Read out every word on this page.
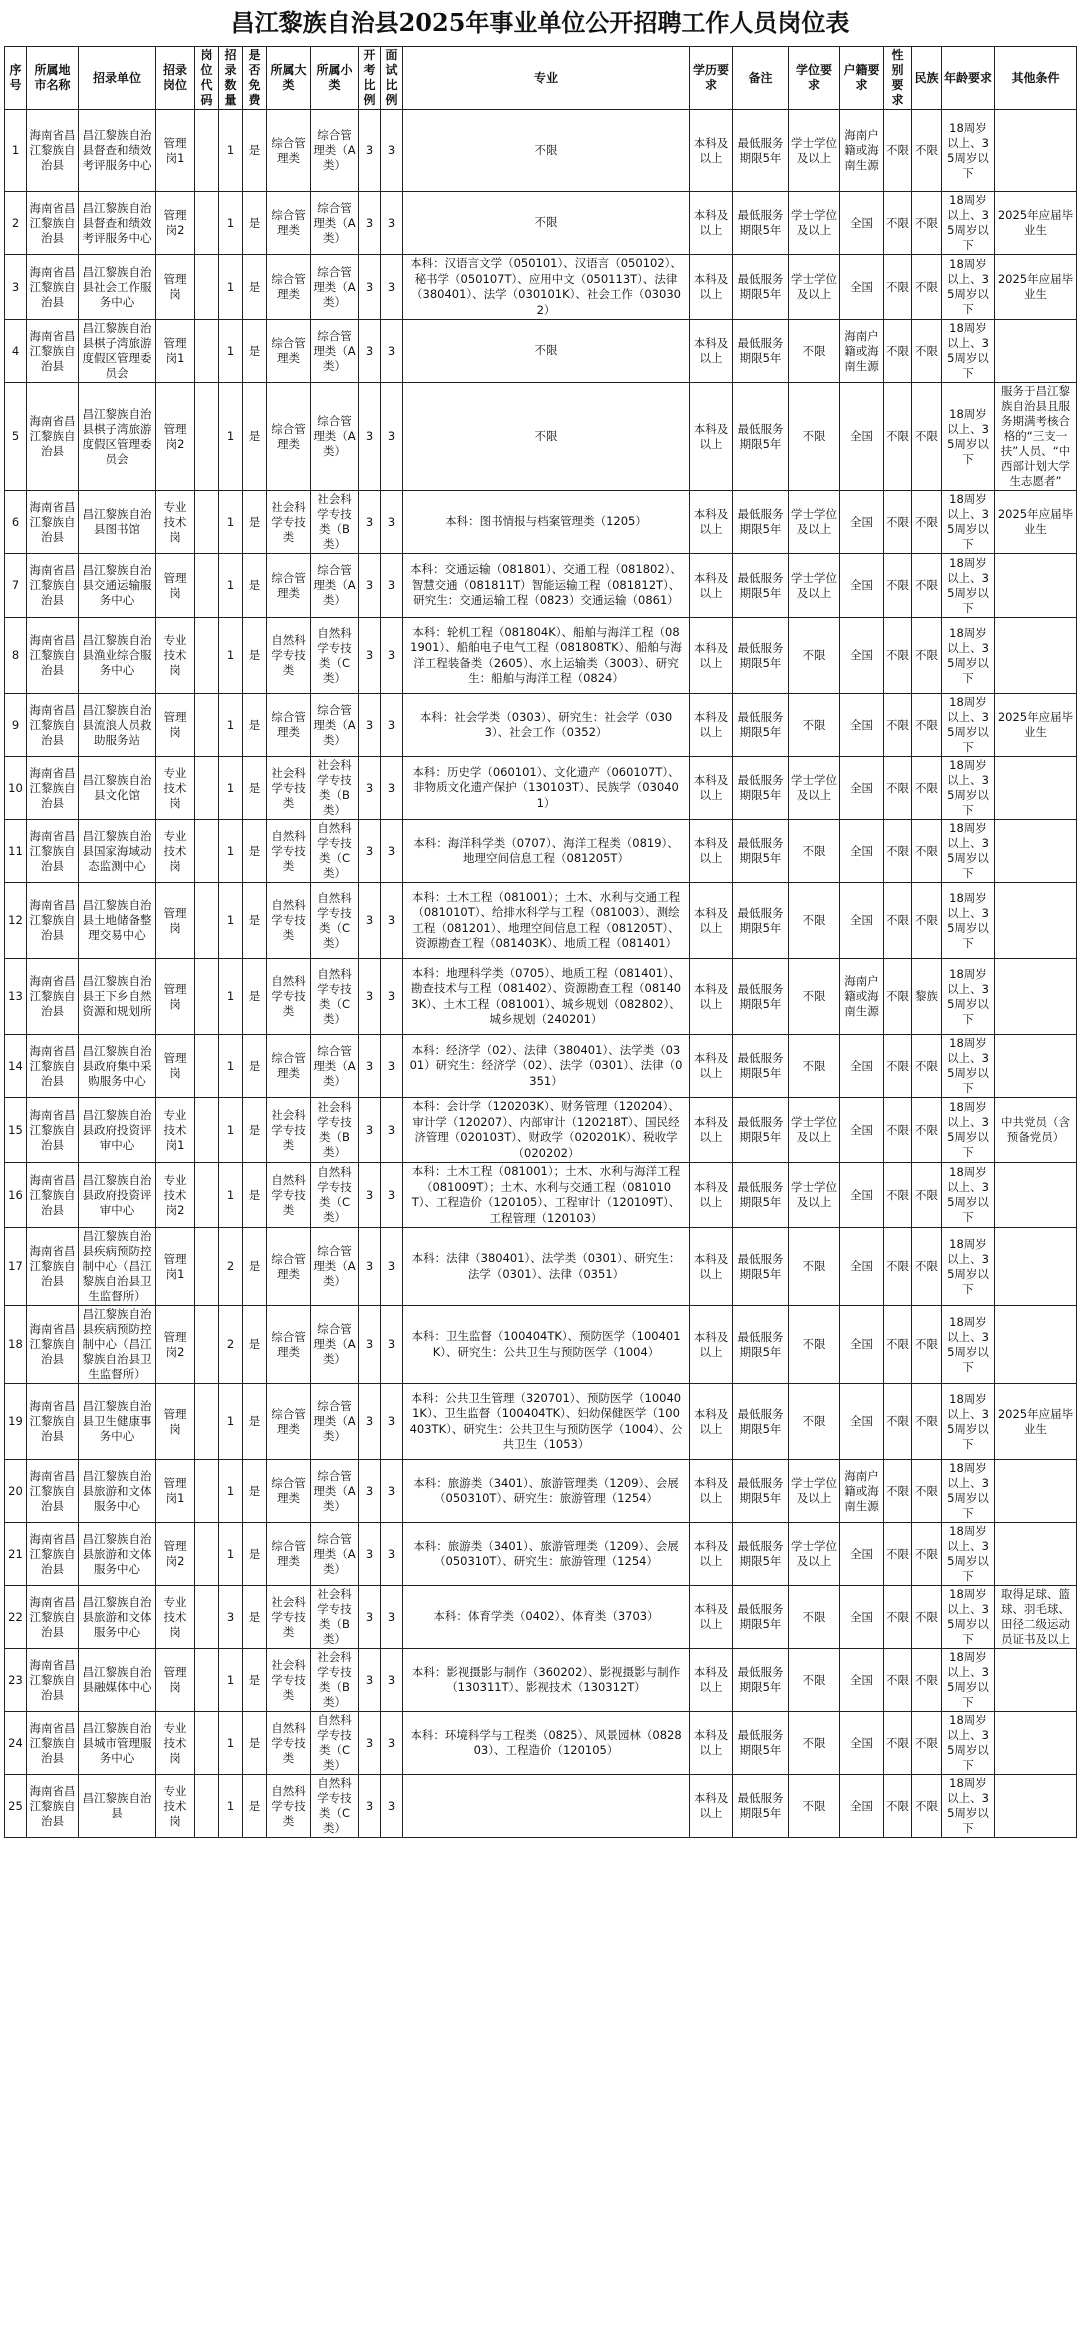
昌江黎族自治县2025年事业单位公开招聘工作人员岗位表
序号	所属地市名称	招录单位	招录岗位	岗位代码	招录数量	是否免费	所属大类	所属小类	开考比例	面试比例	专业	学历要求	备注	学位要求	户籍要求	性别要求	民族	年龄要求	其他条件
1	海南省昌江黎族自治县	昌江黎族自治县督查和绩效考评服务中心	管理岗1		1	是	综合管理类	综合管理类（A类）	3	3	不限	本科及以上	最低服务期限5年	学士学位及以上	海南户籍或海南生源	不限	不限	18周岁以上、35周岁以下	
2	海南省昌江黎族自治县	昌江黎族自治县督查和绩效考评服务中心	管理岗2		1	是	综合管理类	综合管理类（A类）	3	3	不限	本科及以上	最低服务期限5年	学士学位及以上	全国	不限	不限	18周岁以上、35周岁以下	2025年应届毕业生
3	海南省昌江黎族自治县	昌江黎族自治县社会工作服务中心	管理岗		1	是	综合管理类	综合管理类（A类）	3	3	本科：汉语言文学（050101）、汉语言（050102）、秘书学（050107T）、应用中文（050113T）、法律（380401）、法学（030101K）、社会工作（030302）	本科及以上	最低服务期限5年	学士学位及以上	全国	不限	不限	18周岁以上、35周岁以下	2025年应届毕业生
4	海南省昌江黎族自治县	昌江黎族自治县棋子湾旅游度假区管理委员会	管理岗1		1	是	综合管理类	综合管理类（A类）	3	3	不限	本科及以上	最低服务期限5年	不限	海南户籍或海南生源	不限	不限	18周岁以上、35周岁以下	
5	海南省昌江黎族自治县	昌江黎族自治县棋子湾旅游度假区管理委员会	管理岗2		1	是	综合管理类	综合管理类（A类）	3	3	不限	本科及以上	最低服务期限5年	不限	全国	不限	不限	18周岁以上、35周岁以下	服务于昌江黎族自治县且服务期满考核合格的“三支一扶”人员、“中西部计划大学生志愿者”
6	海南省昌江黎族自治县	昌江黎族自治县图书馆	专业技术岗		1	是	社会科学专技类	社会科学专技类（B类）	3	3	本科：图书情报与档案管理类（1205）	本科及以上	最低服务期限5年	学士学位及以上	全国	不限	不限	18周岁以上、35周岁以下	2025年应届毕业生
7	海南省昌江黎族自治县	昌江黎族自治县交通运输服务中心	管理岗		1	是	综合管理类	综合管理类（A类）	3	3	本科：交通运输（081801）、交通工程（081802）、智慧交通（081811T）智能运输工程（081812T）、研究生：交通运输工程（0823）交通运输（0861）	本科及以上	最低服务期限5年	学士学位及以上	全国	不限	不限	18周岁以上、35周岁以下	
8	海南省昌江黎族自治县	昌江黎族自治县渔业综合服务中心	专业技术岗		1	是	自然科学专技类	自然科学专技类（C类）	3	3	本科：轮机工程（081804K）、船舶与海洋工程（081901）、船舶电子电气工程（081808TK）、船舶与海洋工程装备类（2605）、水上运输类（3003）、研究生：船舶与海洋工程（0824）	本科及以上	最低服务期限5年	不限	全国	不限	不限	18周岁以上、35周岁以下	
9	海南省昌江黎族自治县	昌江黎族自治县流浪人员救助服务站	管理岗		1	是	综合管理类	综合管理类（A类）	3	3	本科：社会学类（0303）、研究生：社会学（0303）、社会工作（0352）	本科及以上	最低服务期限5年	不限	全国	不限	不限	18周岁以上、35周岁以下	2025年应届毕业生
10	海南省昌江黎族自治县	昌江黎族自治县文化馆	专业技术岗		1	是	社会科学专技类	社会科学专技类（B类）	3	3	本科：历史学（060101）、文化遗产（060107T）、非物质文化遗产保护（130103T）、民族学（030401）	本科及以上	最低服务期限5年	学士学位及以上	全国	不限	不限	18周岁以上、35周岁以下	
11	海南省昌江黎族自治县	昌江黎族自治县国家海域动态监测中心	专业技术岗		1	是	自然科学专技类	自然科学专技类（C类）	3	3	本科：海洋科学类（0707）、海洋工程类（0819）、地理空间信息工程（081205T）	本科及以上	最低服务期限5年	不限	全国	不限	不限	18周岁以上、35周岁以下	
12	海南省昌江黎族自治县	昌江黎族自治县土地储备整理交易中心	管理岗		1	是	自然科学专技类	自然科学专技类（C类）	3	3	本科：土木工程（081001）；土木、水利与交通工程（081010T）、给排水科学与工程（081003）、测绘工程（081201）、地理空间信息工程（081205T）、资源勘查工程（081403K）、地质工程（081401）	本科及以上	最低服务期限5年	不限	全国	不限	不限	18周岁以上、35周岁以下	
13	海南省昌江黎族自治县	昌江黎族自治县王下乡自然资源和规划所	管理岗		1	是	自然科学专技类	自然科学专技类（C类）	3	3	本科：地理科学类（0705）、地质工程（081401）、勘查技术与工程（081402）、资源勘查工程（081403K）、土木工程（081001）、城乡规划（082802）、城乡规划（240201）	本科及以上	最低服务期限5年	不限	海南户籍或海南生源	不限	黎族	18周岁以上、35周岁以下	
14	海南省昌江黎族自治县	昌江黎族自治县政府集中采购服务中心	管理岗		1	是	综合管理类	综合管理类（A类）	3	3	本科：经济学（02）、法律（380401）、法学类（0301）研究生：经济学（02）、法学（0301）、法律（0351）	本科及以上	最低服务期限5年	不限	全国	不限	不限	18周岁以上、35周岁以下	
15	海南省昌江黎族自治县	昌江黎族自治县政府投资评审中心	专业技术岗1		1	是	社会科学专技类	社会科学专技类（B类）	3	3	本科：会计学（120203K）、财务管理（120204）、审计学（120207）、内部审计（120218T）、国民经济管理（020103T）、财政学（020201K）、税收学（020202）	本科及以上	最低服务期限5年	学士学位及以上	全国	不限	不限	18周岁以上、35周岁以下	中共党员（含预备党员）
16	海南省昌江黎族自治县	昌江黎族自治县政府投资评审中心	专业技术岗2		1	是	自然科学专技类	自然科学专技类（C类）	3	3	本科：土木工程（081001）；土木、水利与海洋工程（081009T）；土木、水利与交通工程（081010T）、工程造价（120105）、工程审计（120109T）、工程管理（120103）	本科及以上	最低服务期限5年	学士学位及以上	全国	不限	不限	18周岁以上、35周岁以下	
17	海南省昌江黎族自治县	昌江黎族自治县疾病预防控制中心（昌江黎族自治县卫生监督所）	管理岗1		2	是	综合管理类	综合管理类（A类）	3	3	本科：法律（380401）、法学类（0301）、研究生：法学（0301）、法律（0351）	本科及以上	最低服务期限5年	不限	全国	不限	不限	18周岁以上、35周岁以下	
18	海南省昌江黎族自治县	昌江黎族自治县疾病预防控制中心（昌江黎族自治县卫生监督所）	管理岗2		2	是	综合管理类	综合管理类（A类）	3	3	本科：卫生监督（100404TK）、预防医学（100401K）、研究生：公共卫生与预防医学（1004）	本科及以上	最低服务期限5年	不限	全国	不限	不限	18周岁以上、35周岁以下	
19	海南省昌江黎族自治县	昌江黎族自治县卫生健康事务中心	管理岗		1	是	综合管理类	综合管理类（A类）	3	3	本科：公共卫生管理（320701）、预防医学（100401K）、卫生监督（100404TK）、妇幼保健医学（100403TK）、研究生：公共卫生与预防医学（1004）、公共卫生（1053）	本科及以上	最低服务期限5年	不限	全国	不限	不限	18周岁以上、35周岁以下	2025年应届毕业生
20	海南省昌江黎族自治县	昌江黎族自治县旅游和文体服务中心	管理岗1		1	是	综合管理类	综合管理类（A类）	3	3	本科：旅游类（3401）、旅游管理类（1209）、会展（050310T）、研究生：旅游管理（1254）	本科及以上	最低服务期限5年	学士学位及以上	海南户籍或海南生源	不限	不限	18周岁以上、35周岁以下	
21	海南省昌江黎族自治县	昌江黎族自治县旅游和文体服务中心	管理岗2		1	是	综合管理类	综合管理类（A类）	3	3	本科：旅游类（3401）、旅游管理类（1209）、会展（050310T）、研究生：旅游管理（1254）	本科及以上	最低服务期限5年	学士学位及以上	全国	不限	不限	18周岁以上、35周岁以下	
22	海南省昌江黎族自治县	昌江黎族自治县旅游和文体服务中心	专业技术岗		3	是	社会科学专技类	社会科学专技类（B类）	3	3	本科：体育学类（0402）、体育类（3703）	本科及以上	最低服务期限5年	不限	全国	不限	不限	18周岁以上、35周岁以下	取得足球、篮球、羽毛球、田径二级运动员证书及以上
23	海南省昌江黎族自治县	昌江黎族自治县融媒体中心	管理岗		1	是	社会科学专技类	社会科学专技类（B类）	3	3	本科：影视摄影与制作（360202）、影视摄影与制作（130311T）、影视技术（130312T）	本科及以上	最低服务期限5年	不限	全国	不限	不限	18周岁以上、35周岁以下	
24	海南省昌江黎族自治县	昌江黎族自治县城市管理服务中心	专业技术岗		1	是	自然科学专技类	自然科学专技类（C类）	3	3	本科：环境科学与工程类（0825）、风景园林（082803）、工程造价（120105）	本科及以上	最低服务期限5年	不限	全国	不限	不限	18周岁以上、35周岁以下	
25	海南省昌江黎族自治县	昌江黎族自治县	专业技术岗		1	是	自然科学专技类	自然科学专技类（C类）	3	3		本科及以上	最低服务期限5年	不限	全国	不限	不限	18周岁以上、35周岁以下	
